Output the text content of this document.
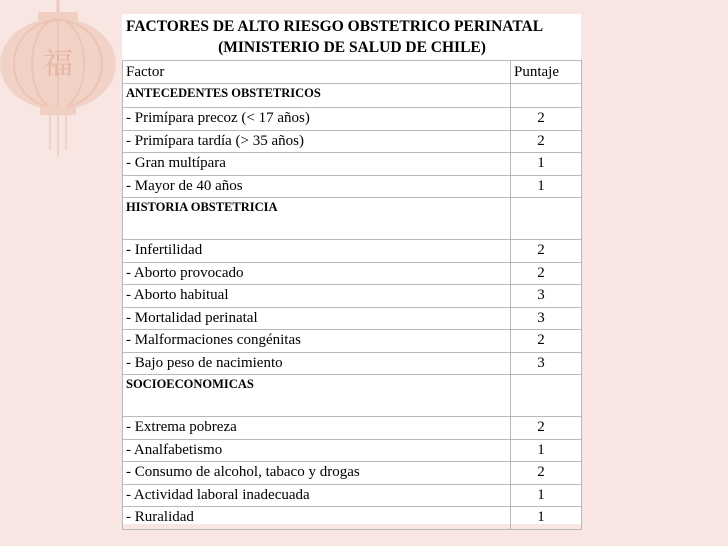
福
FACTORES DE ALTO RIESGO OBSTETRICO PERINATAL
(MINISTERIO DE SALUD DE CHILE)
Factor	Puntaje
ANTECEDENTES OBSTETRICOS	
- Primípara precoz (< 17 años)	2
- Primípara tardía (> 35 años)	2
- Gran multípara	1
- Mayor de 40 años	1
HISTORIA OBSTETRICIA	
- Infertilidad	2
- Aborto provocado	2
- Aborto habitual	3
- Mortalidad perinatal	3
- Malformaciones congénitas	2
- Bajo peso de nacimiento	3
SOCIOECONOMICAS	
- Extrema pobreza	2
- Analfabetismo	1
- Consumo de alcohol, tabaco y drogas	2
- Actividad laboral inadecuada	1
- Ruralidad	1
